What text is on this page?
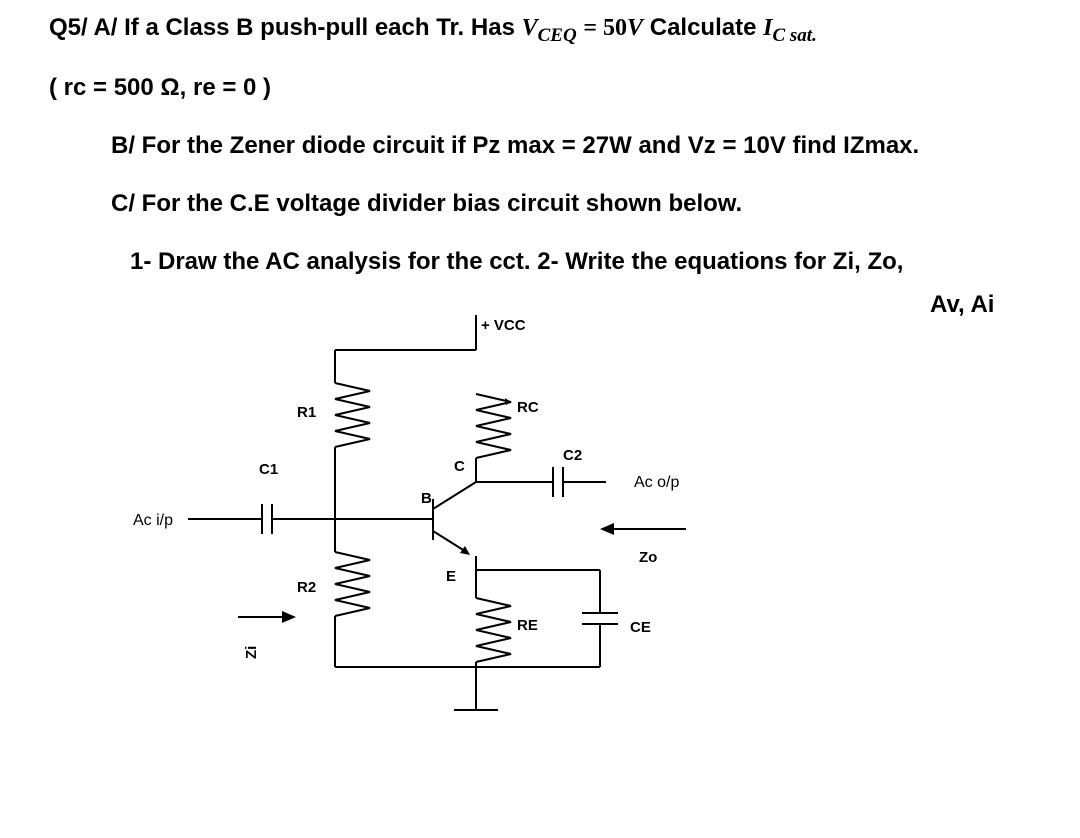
Q5/ A/ If a Class B push-pull each Tr. Has $V_{CEQ} = 50V$ Calculate $I_{C sat.}$
( rc = 500 Ω, re = 0 )
B/ For the Zener diode circuit if Pz max = 27W and Vz = 10V find IZmax.
C/ For the C.E voltage divider bias circuit shown below.
1- Draw the AC analysis for the cct. 2- Write the equations for Zi, Zo,
Av, Ai
+ VCC
R1
R2
Ac i/p
C1
B
C
E
RC
C2
Ac o/p
Zo
RE	CE
Zi
